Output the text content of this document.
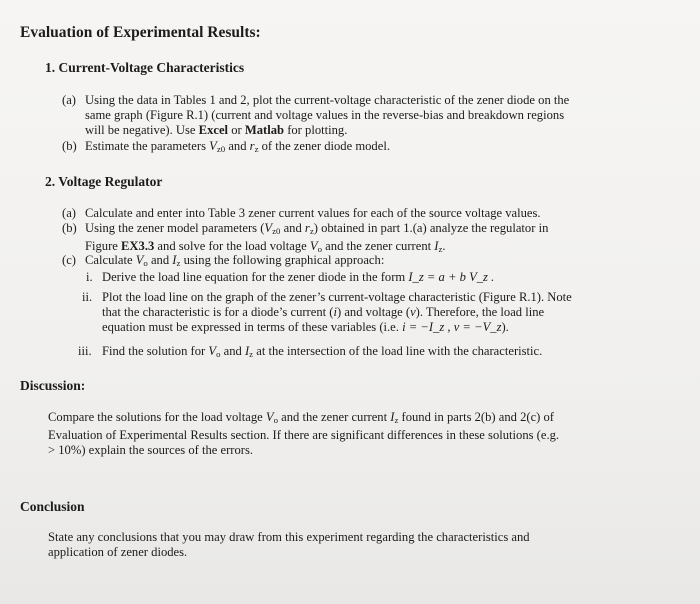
Evaluation of Experimental Results:
1. Current-Voltage Characteristics
(a) Using the data in Tables 1 and 2, plot the current-voltage characteristic of the zener diode on the
same graph (Figure R.1) (current and voltage values in the reverse-bias and breakdown regions
will be negative). Use Excel or Matlab for plotting.
(b) Estimate the parameters $V_{z0}$ and $r_z$ of the zener diode model.
2. Voltage Regulator
(a) Calculate and enter into Table 3 zener current values for each of the source voltage values.
(b) Using the zener model parameters ($V_{z0}$ and $r_z$) obtained in part 1.(a) analyze the regulator in
Figure EX3.3 and solve for the load voltage $V_o$ and the zener current $I_z$.
(c) Calculate $V_o$ and $I_z$ using the following graphical approach:
i. Derive the load line equation for the zener diode in the form I_z = a + b V_z .
ii. Plot the load line on the graph of the zener’s current-voltage characteristic (Figure R.1). Note
that the characteristic is for a diode’s current (i) and voltage (v). Therefore, the load line
equation must be expressed in terms of these variables (i.e. i = −I_z , v = −V_z).
iii. Find the solution for $V_o$ and $I_z$ at the intersection of the load line with the characteristic.
Discussion:
Compare the solutions for the load voltage $V_o$ and the zener current $I_z$ found in parts 2(b) and 2(c) of
Evaluation of Experimental Results section. If there are significant differences in these solutions (e.g.
> 10%) explain the sources of the errors.
Conclusion
State any conclusions that you may draw from this experiment regarding the characteristics and
application of zener diodes.
